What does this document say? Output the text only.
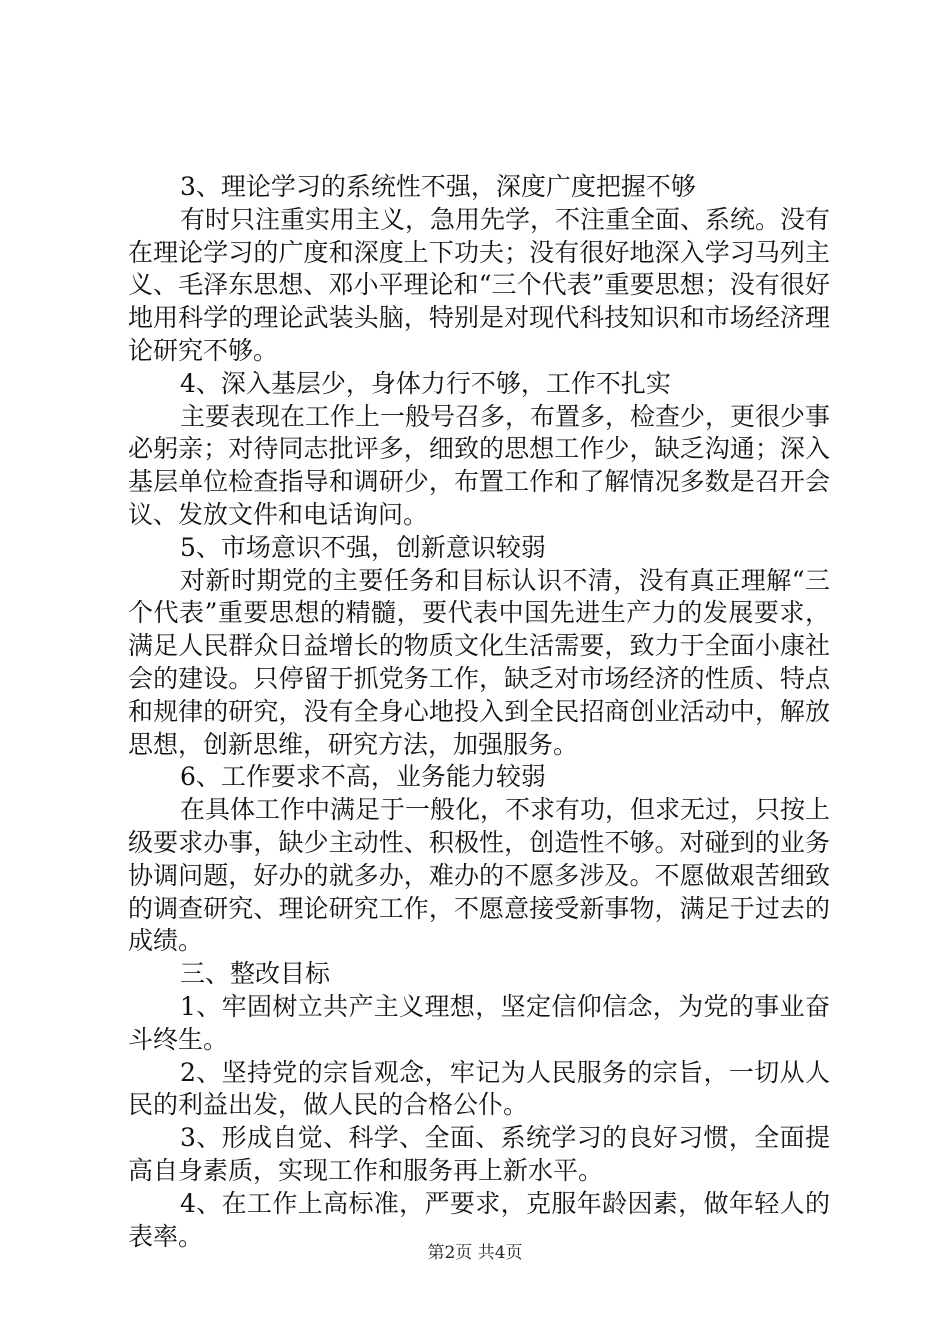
3、理论学习的系统性不强，深度广度把握不够

有时只注重实用主义，急用先学，不注重全面、系统。没有在理论学习的广度和深度上下功夫；没有很好地深入学习马列主义、毛泽东思想、邓小平理论和“三个代表”重要思想；没有很好地用科学的理论武装头脑，特别是对现代科技知识和市场经济理论研究不够。

4、深入基层少，身体力行不够，工作不扎实

主要表现在工作上一般号召多，布置多，检查少，更很少事必躬亲；对待同志批评多，细致的思想工作少，缺乏沟通；深入基层单位检查指导和调研少，布置工作和了解情况多数是召开会议、发放文件和电话询问。

5、市场意识不强，创新意识较弱

对新时期党的主要任务和目标认识不清，没有真正理解“三个代表”重要思想的精髓，要代表中国先进生产力的发展要求，满足人民群众日益增长的物质文化生活需要，致力于全面小康社会的建设。只停留于抓党务工作，缺乏对市场经济的性质、特点和规律的研究，没有全身心地投入到全民招商创业活动中，解放思想，创新思维，研究方法，加强服务。

6、工作要求不高，业务能力较弱

在具体工作中满足于一般化，不求有功，但求无过，只按上级要求办事，缺少主动性、积极性，创造性不够。对碰到的业务协调问题，好办的就多办，难办的不愿多涉及。不愿做艰苦细致的调查研究、理论研究工作，不愿意接受新事物，满足于过去的成绩。

三、整改目标

1、牢固树立共产主义理想，坚定信仰信念，为党的事业奋斗终生。

2、坚持党的宗旨观念，牢记为人民服务的宗旨，一切从人民的利益出发，做人民的合格公仆。

3、形成自觉、科学、全面、系统学习的良好习惯，全面提高自身素质，实现工作和服务再上新水平。

4、在工作上高标准，严要求，克服年龄因素，做年轻人的表率。

第2页 共4页
